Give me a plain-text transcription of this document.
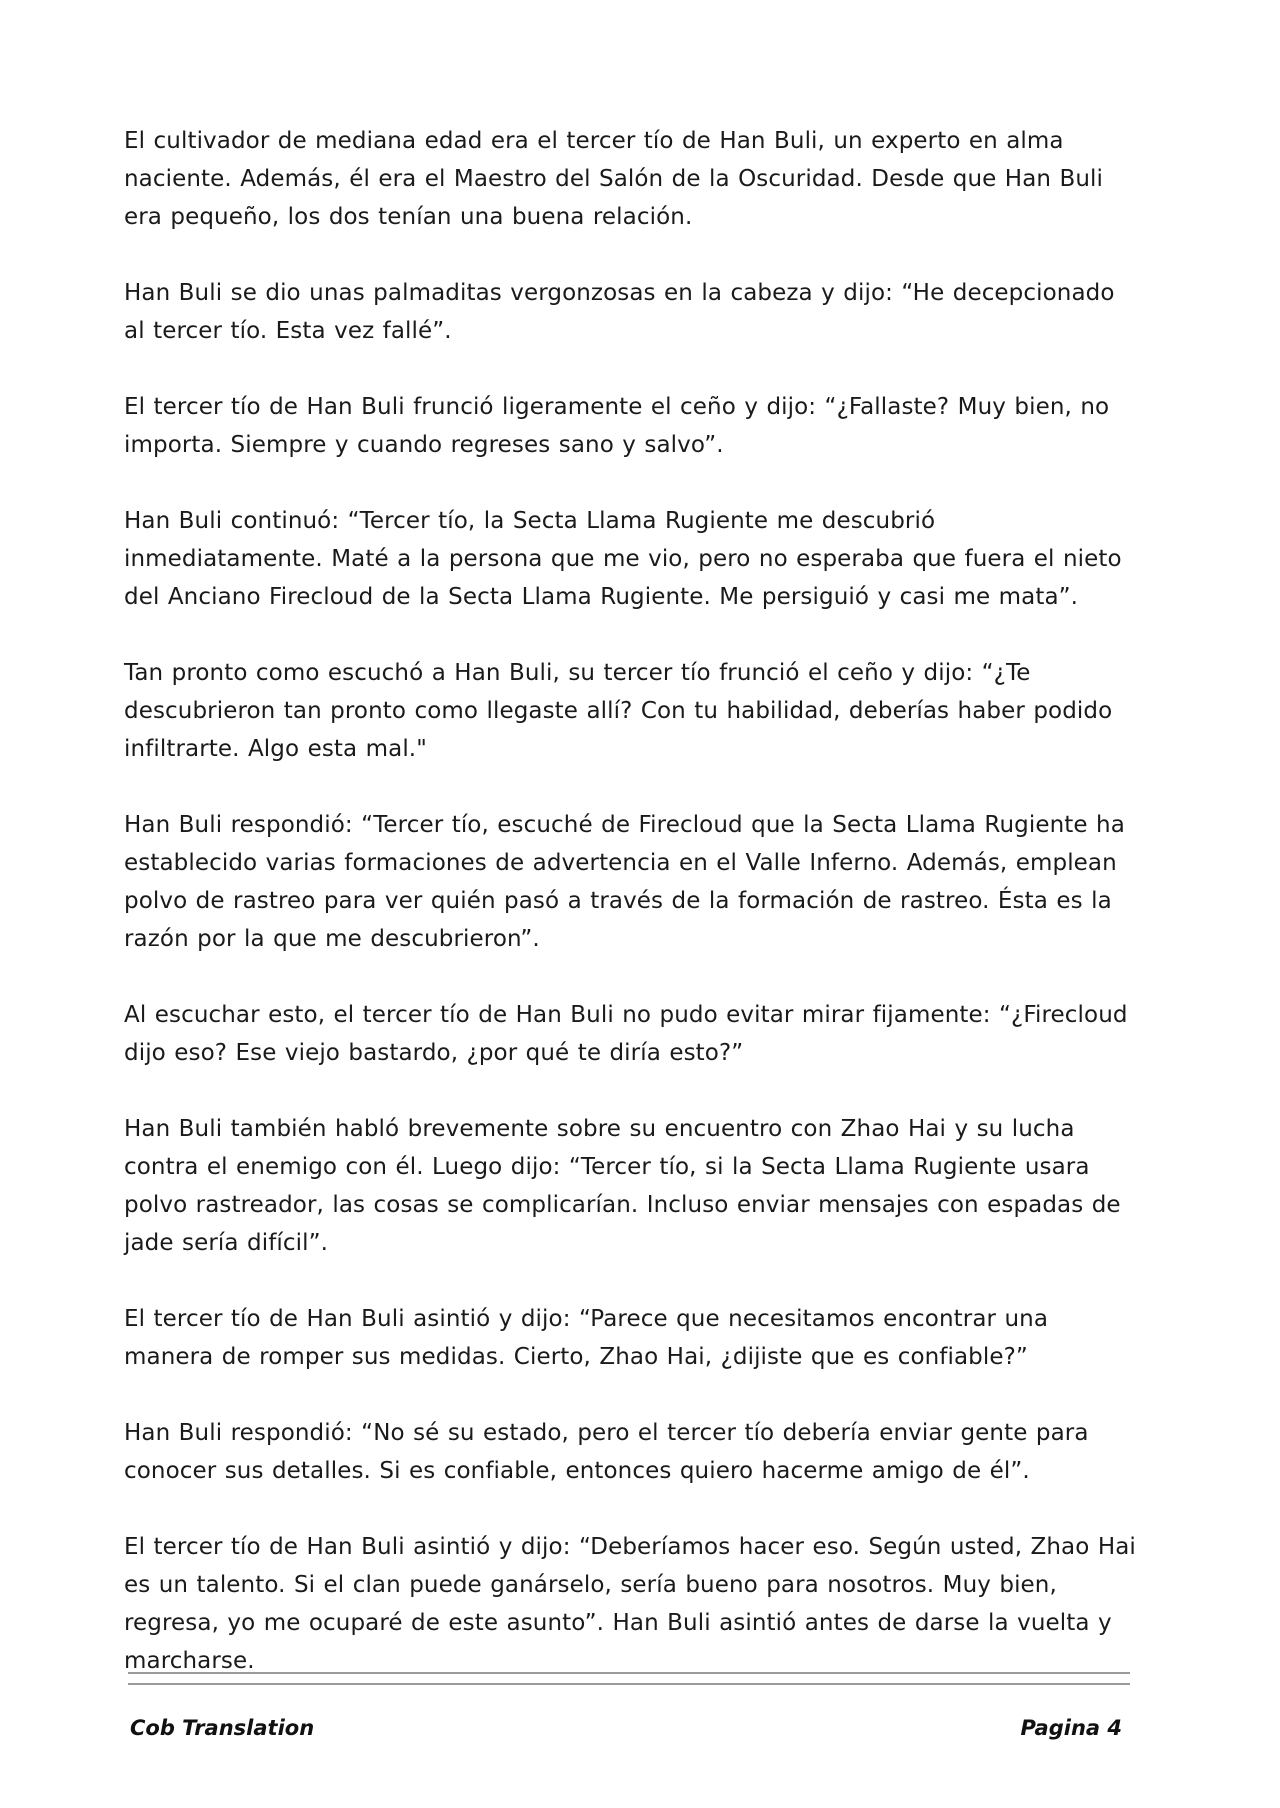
El cultivador de mediana edad era el tercer tío de Han Buli, un experto en alma naciente. Además, él era el Maestro del Salón de la Oscuridad. Desde que Han Buli era pequeño, los dos tenían una buena relación.

Han Buli se dio unas palmaditas vergonzosas en la cabeza y dijo: “He decepcionado al tercer tío. Esta vez fallé”.

El tercer tío de Han Buli frunció ligeramente el ceño y dijo: “¿Fallaste? Muy bien, no importa. Siempre y cuando regreses sano y salvo”.

Han Buli continuó: “Tercer tío, la Secta Llama Rugiente me descubrió inmediatamente. Maté a la persona que me vio, pero no esperaba que fuera el nieto del Anciano Firecloud de la Secta Llama Rugiente. Me persiguió y casi me mata”.

Tan pronto como escuchó a Han Buli, su tercer tío frunció el ceño y dijo: “¿Te descubrieron tan pronto como llegaste allí? Con tu habilidad, deberías haber podido infiltrarte. Algo esta mal."

Han Buli respondió: “Tercer tío, escuché de Firecloud que la Secta Llama Rugiente ha establecido varias formaciones de advertencia en el Valle Inferno. Además, emplean polvo de rastreo para ver quién pasó a través de la formación de rastreo. Ésta es la razón por la que me descubrieron”.

Al escuchar esto, el tercer tío de Han Buli no pudo evitar mirar fijamente: “¿Firecloud dijo eso? Ese viejo bastardo, ¿por qué te diría esto?”

Han Buli también habló brevemente sobre su encuentro con Zhao Hai y su lucha contra el enemigo con él. Luego dijo: “Tercer tío, si la Secta Llama Rugiente usara polvo rastreador, las cosas se complicarían. Incluso enviar mensajes con espadas de jade sería difícil”.

El tercer tío de Han Buli asintió y dijo: “Parece que necesitamos encontrar una manera de romper sus medidas. Cierto, Zhao Hai, ¿dijiste que es confiable?”

Han Buli respondió: “No sé su estado, pero el tercer tío debería enviar gente para conocer sus detalles. Si es confiable, entonces quiero hacerme amigo de él”.

El tercer tío de Han Buli asintió y dijo: “Deberíamos hacer eso. Según usted, Zhao Hai es un talento. Si el clan puede ganárselo, sería bueno para nosotros. Muy bien, regresa, yo me ocuparé de este asunto”. Han Buli asintió antes de darse la vuelta y marcharse.

Cob Translation	Pagina 4
